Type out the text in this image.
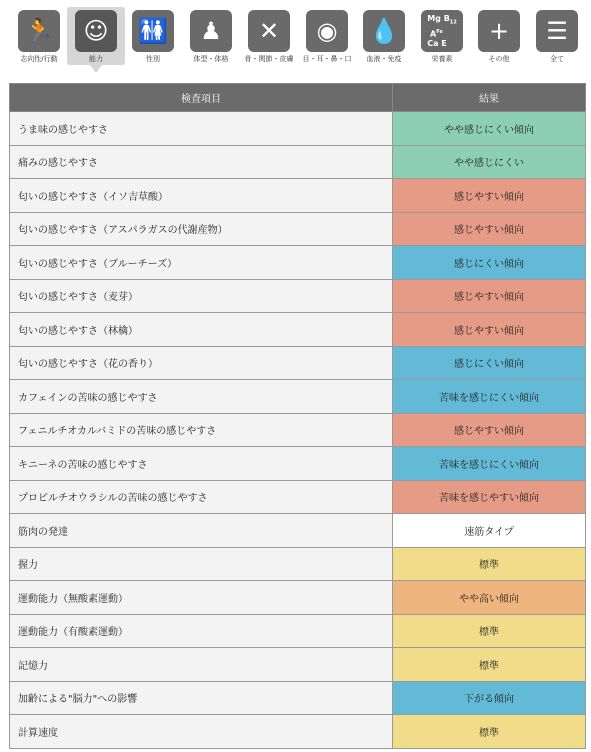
🏃
志向性/行動
☺
能力
🚻
性別
♟
体型・体格
✕
骨・関節・皮膚
◉
目・耳・鼻・口
💧
血液・免疫
Mg $B_{12}$
$A^{Fe}$
Ca E
栄養素
+
その他
☰
全て
検査項目	結果
うま味の感じやすさ	やや感じにくい傾向
痛みの感じやすさ	やや感じにくい
匂いの感じやすさ（イソ吉草酸）	感じやすい傾向
匂いの感じやすさ（アスパラガスの代謝産物）	感じやすい傾向
匂いの感じやすさ（ブルーチーズ）	感じにくい傾向
匂いの感じやすさ（麦芽）	感じやすい傾向
匂いの感じやすさ（林檎）	感じやすい傾向
匂いの感じやすさ（花の香り）	感じにくい傾向
カフェインの苦味の感じやすさ	苦味を感じにくい傾向
フェニルチオカルバミドの苦味の感じやすさ	感じやすい傾向
キニーネの苦味の感じやすさ	苦味を感じにくい傾向
プロピルチオウラシルの苦味の感じやすさ	苦味を感じやすい傾向
筋肉の発達	速筋タイプ
握力	標準
運動能力（無酸素運動）	やや高い傾向
運動能力（有酸素運動）	標準
記憶力	標準
加齢による"脳力"への影響	下がる傾向
計算速度	標準
